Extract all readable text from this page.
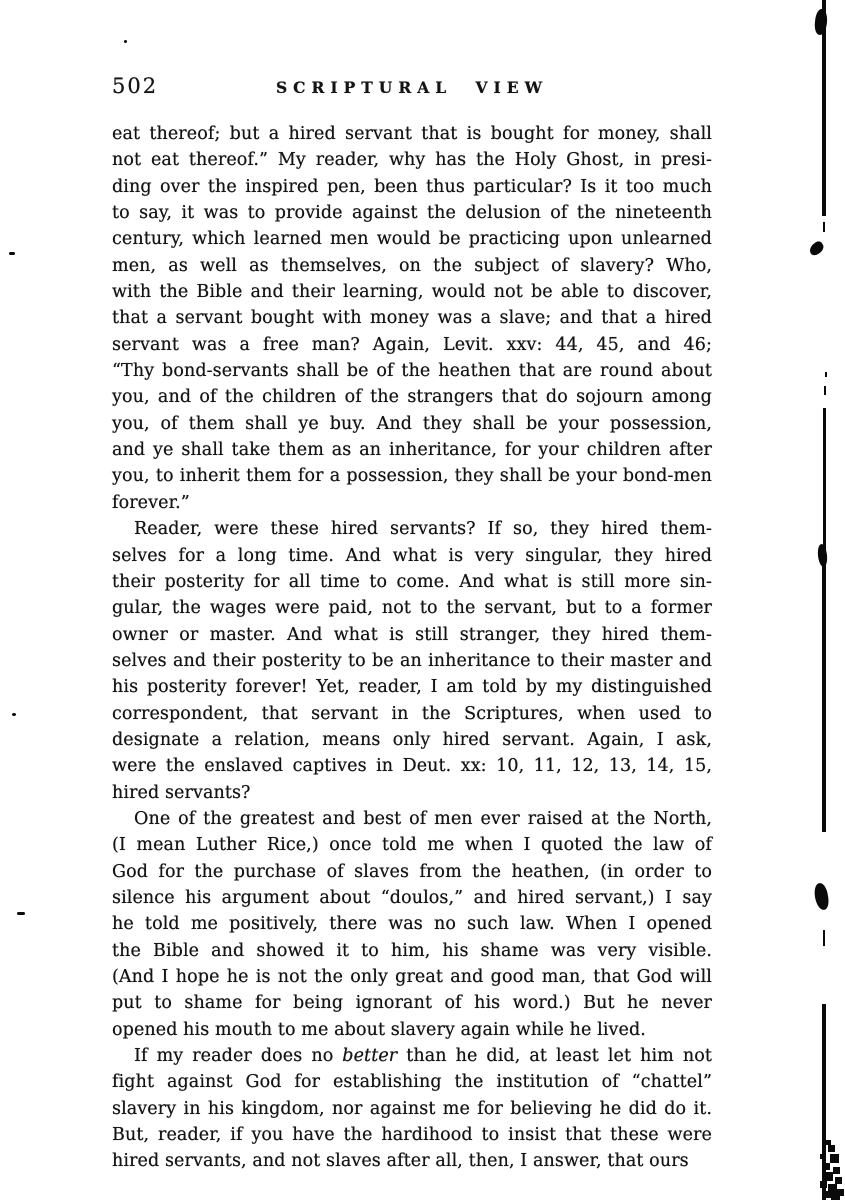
502	SCRIPTURAL VIEW
eat thereof; but a hired servant that is bought for money, shall
not eat thereof.” My reader, why has the Holy Ghost, in presi-
ding over the inspired pen, been thus particular? Is it too much
to say, it was to provide against the delusion of the nineteenth
century, which learned men would be practicing upon unlearned
men, as well as themselves, on the subject of slavery? Who,
with the Bible and their learning, would not be able to discover,
that a servant bought with money was a slave; and that a hired
servant was a free man? Again, Levit. xxv: 44, 45, and 46;
“Thy bond-servants shall be of the heathen that are round about
you, and of the children of the strangers that do sojourn among
you, of them shall ye buy. And they shall be your possession,
and ye shall take them as an inheritance, for your children after
you, to inherit them for a possession, they shall be your bond-men
forever.”
Reader, were these hired servants? If so, they hired them-
selves for a long time. And what is very singular, they hired
their posterity for all time to come. And what is still more sin-
gular, the wages were paid, not to the servant, but to a former
owner or master. And what is still stranger, they hired them-
selves and their posterity to be an inheritance to their master and
his posterity forever! Yet, reader, I am told by my distinguished
correspondent, that servant in the Scriptures, when used to
designate a relation, means only hired servant. Again, I ask,
were the enslaved captives in Deut. xx: 10, 11, 12, 13, 14, 15,
hired servants?
One of the greatest and best of men ever raised at the North,
(I mean Luther Rice,) once told me when I quoted the law of
God for the purchase of slaves from the heathen, (in order to
silence his argument about “doulos,” and hired servant,) I say
he told me positively, there was no such law. When I opened
the Bible and showed it to him, his shame was very visible.
(And I hope he is not the only great and good man, that God will
put to shame for being ignorant of his word.) But he never
opened his mouth to me about slavery again while he lived.
If my reader does no better than he did, at least let him not
fight against God for establishing the institution of “chattel”
slavery in his kingdom, nor against me for believing he did do it.
But, reader, if you have the hardihood to insist that these were
hired servants, and not slaves after all, then, I answer, that ours
